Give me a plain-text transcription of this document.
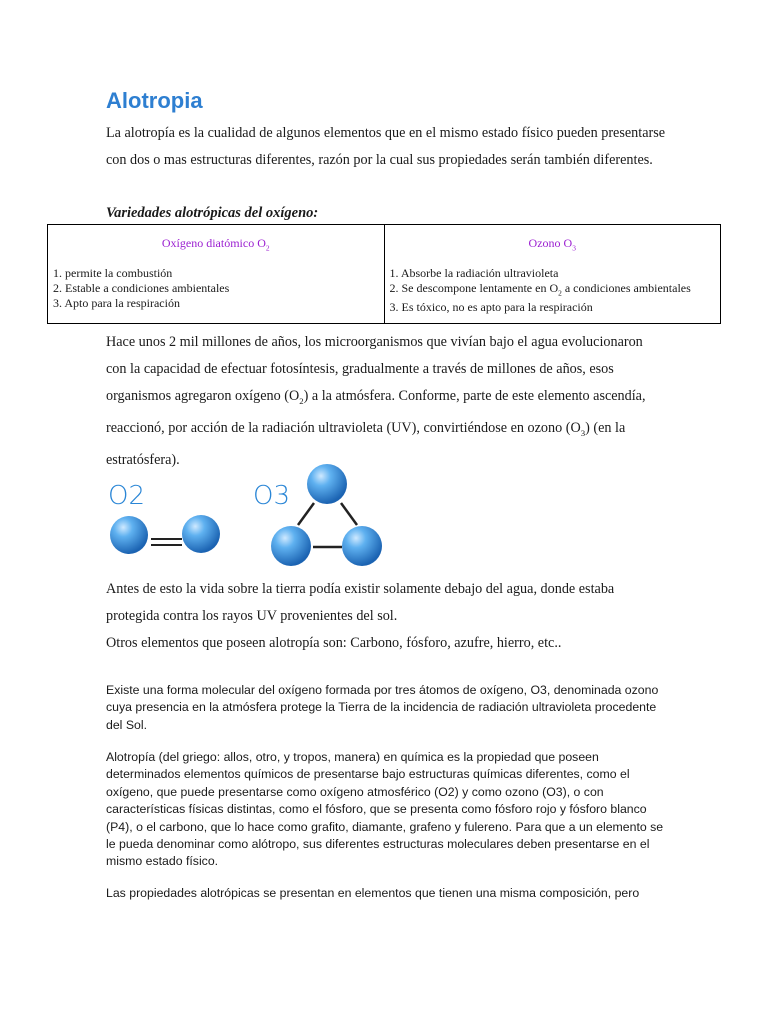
Alotropia

La alotropía es la cualidad de algunos elementos que en el mismo estado físico pueden presentarse con dos o mas estructuras diferentes, razón por la cual sus propiedades serán también diferentes.

Variedades alotrópicas del oxígeno:

Oxígeno diatómico $O_2$
1. permite la combustión
2. Estable a condiciones ambientales
3. Apto para la respiración
Ozono $O_3$
1. Absorbe la radiación ultravioleta
2. Se descompone lentamente en $O_2$ a condiciones ambientales
3. Es tóxico, no es apto para la respiración

Hace unos 2 mil millones de años, los microorganismos que vivían bajo el agua evolucionaron con la capacidad de efectuar fotosíntesis, gradualmente a través de millones de años, esos organismos agregaron oxígeno $(O_2)$ a la atmósfera. Conforme, parte de este elemento ascendía, reaccionó, por acción de la radiación ultravioleta (UV), convirtiéndose en ozono $(O_3)$ (en la estratósfera).

O2	O3

Antes de esto la vida sobre la tierra podía existir solamente debajo del agua, donde estaba protegida contra los rayos UV provenientes del sol.

Otros elementos que poseen alotropía son: Carbono, fósforo, azufre, hierro, etc..

Existe una forma molecular del oxígeno formada por tres átomos de oxígeno, O3, denominada ozono cuya presencia en la atmósfera protege la Tierra de la incidencia de radiación ultravioleta procedente del Sol.

Alotropía (del griego: allos, otro, y tropos, manera) en química es la propiedad que poseen determinados elementos químicos de presentarse bajo estructuras químicas diferentes, como el oxígeno, que puede presentarse como oxígeno atmosférico (O2) y como ozono (O3), o con características físicas distintas, como el fósforo, que se presenta como fósforo rojo y fósforo blanco (P4), o el carbono, que lo hace como grafito, diamante, grafeno y fulereno. Para que a un elemento se le pueda denominar como alótropo, sus diferentes estructuras moleculares deben presentarse en el mismo estado físico.

Las propiedades alotrópicas se presentan en elementos que tienen una misma composición, pero
